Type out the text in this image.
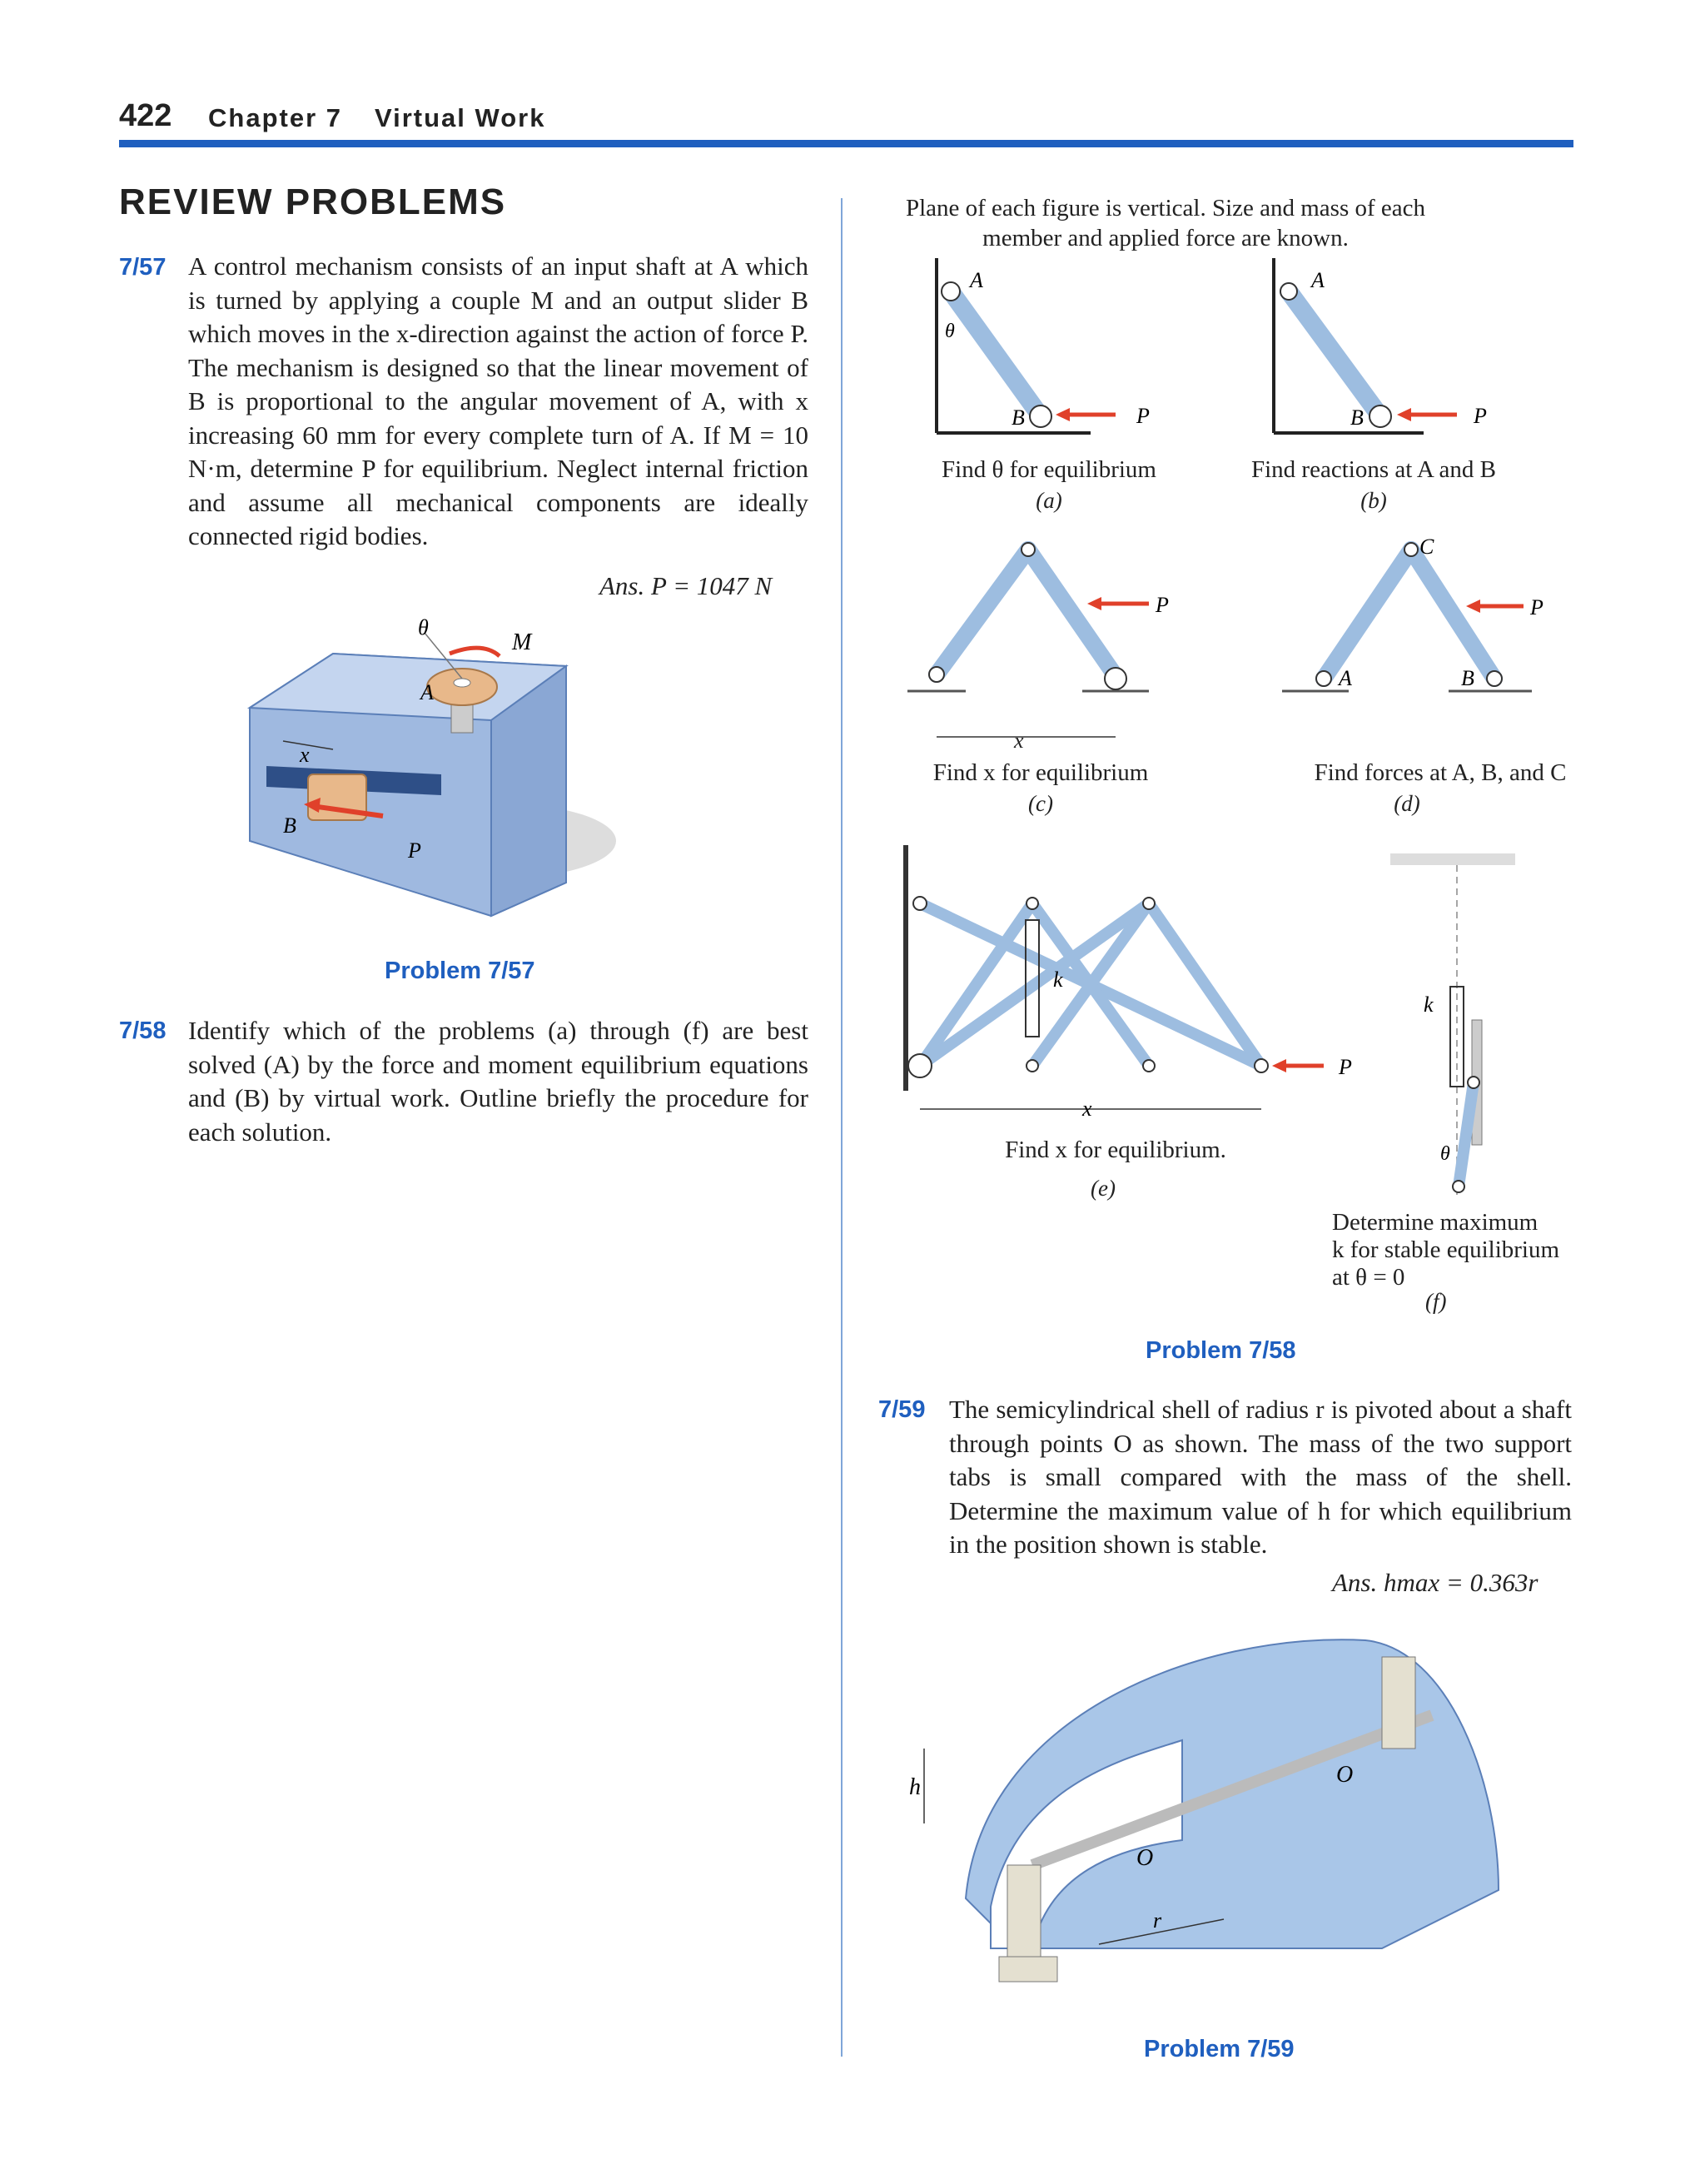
422 Chapter 7 Virtual Work
REVIEW PROBLEMS
7/57 A control mechanism consists of an input shaft at A which is turned by applying a couple M and an output slider B which moves in the x-direction against the action of force P. The mechanism is designed so that the linear movement of B is proportional to the angular movement of A, with x increasing 60 mm for every complete turn of A. If M = 10 N·m, determine P for equilibrium. Neglect internal friction and assume all mechanical components are ideally connected rigid bodies.

Ans. P = 1047 N
θ
M
A
x
B
P
Problem 7/57
7/58 Identify which of the problems (a) through (f) are best solved (A) by the force and moment equilibrium equations and (B) by virtual work. Outline briefly the procedure for each solution.

Plane of each figure is vertical. Size and mass of each member and applied force are known.
A
θ
B	P
Find θ for equilibrium
(a)
A
B	P
Find reactions at A and B
(b)
P
x
Find x for equilibrium
(c)
C
A	B
P
Find forces at A, B, and C
(d)
k
P
x
Find x for equilibrium.
(e)
k
θ
Determine maximum
k for stable equilibrium
at θ = 0
(f)
Problem 7/58
7/59 The semicylindrical shell of radius r is pivoted about a shaft through points O as shown. The mass of the two support tabs is small compared with the mass of the shell. Determine the maximum value of h for which equilibrium in the position shown is stable.

Ans. hmax = 0.363r
h	O
O
r
Problem 7/59
